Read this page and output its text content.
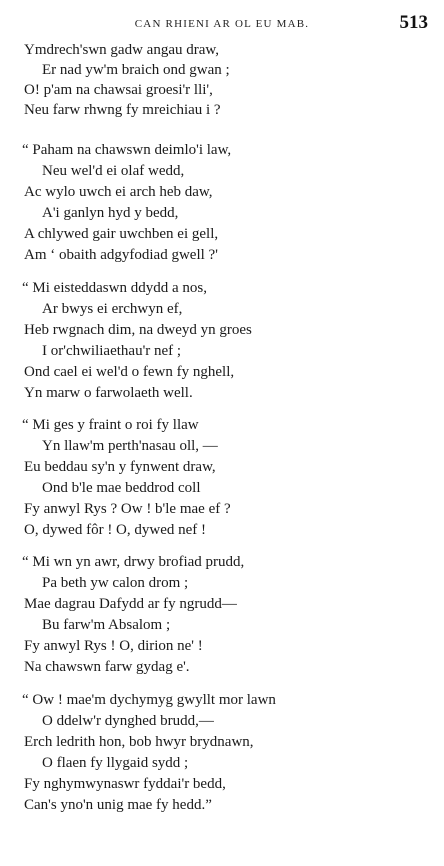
CAN RHIENI AR OL EU MAB.	513
Ymdrech'swn gadw angau draw,
Er nad yw'm braich ond gwan ;
O! p'am na chawsai groesi'r lli',
Neu farw rhwng fy mreichiau i ?
“ Paham na chawswn deimlo'i law,
Neu wel'd ei olaf wedd,
Ac wylo uwch ei arch heb daw,
A'i ganlyn hyd y bedd,
A chlywed gair uwchben ei gell,
Am ‘ obaith adgyfodiad gwell ?'
“ Mi eisteddaswn ddydd a nos,
Ar bwys ei erchwyn ef,
Heb rwgnach dim, na dweyd yn groes
I or'chwiliaethau'r nef ;
Ond cael ei wel'd o fewn fy nghell,
Yn marw o farwolaeth well.
“ Mi ges y fraint o roi fy llaw
Yn llaw'm perth'nasau oll, —
Eu beddau sy'n y fynwent draw,
Ond b'le mae beddrod coll
Fy anwyl Rys ? Ow ! b'le mae ef ?
O, dywed fôr ! O, dywed nef !
“ Mi wn yn awr, drwy brofiad prudd,
Pa beth yw calon drom ;
Mae dagrau Dafydd ar fy ngrudd—
Bu farw'm Absalom ;
Fy anwyl Rys ! O, dirion ne' !
Na chawswn farw gydag e'.
“ Ow ! mae'm dychymyg gwyllt mor lawn
O ddelw'r dynghed brudd,—
Erch ledrith hon, bob hwyr brydnawn,
O flaen fy llygaid sydd ;
Fy nghymwynaswr fyddai'r bedd,
Can's yno'n unig mae fy hedd.”
